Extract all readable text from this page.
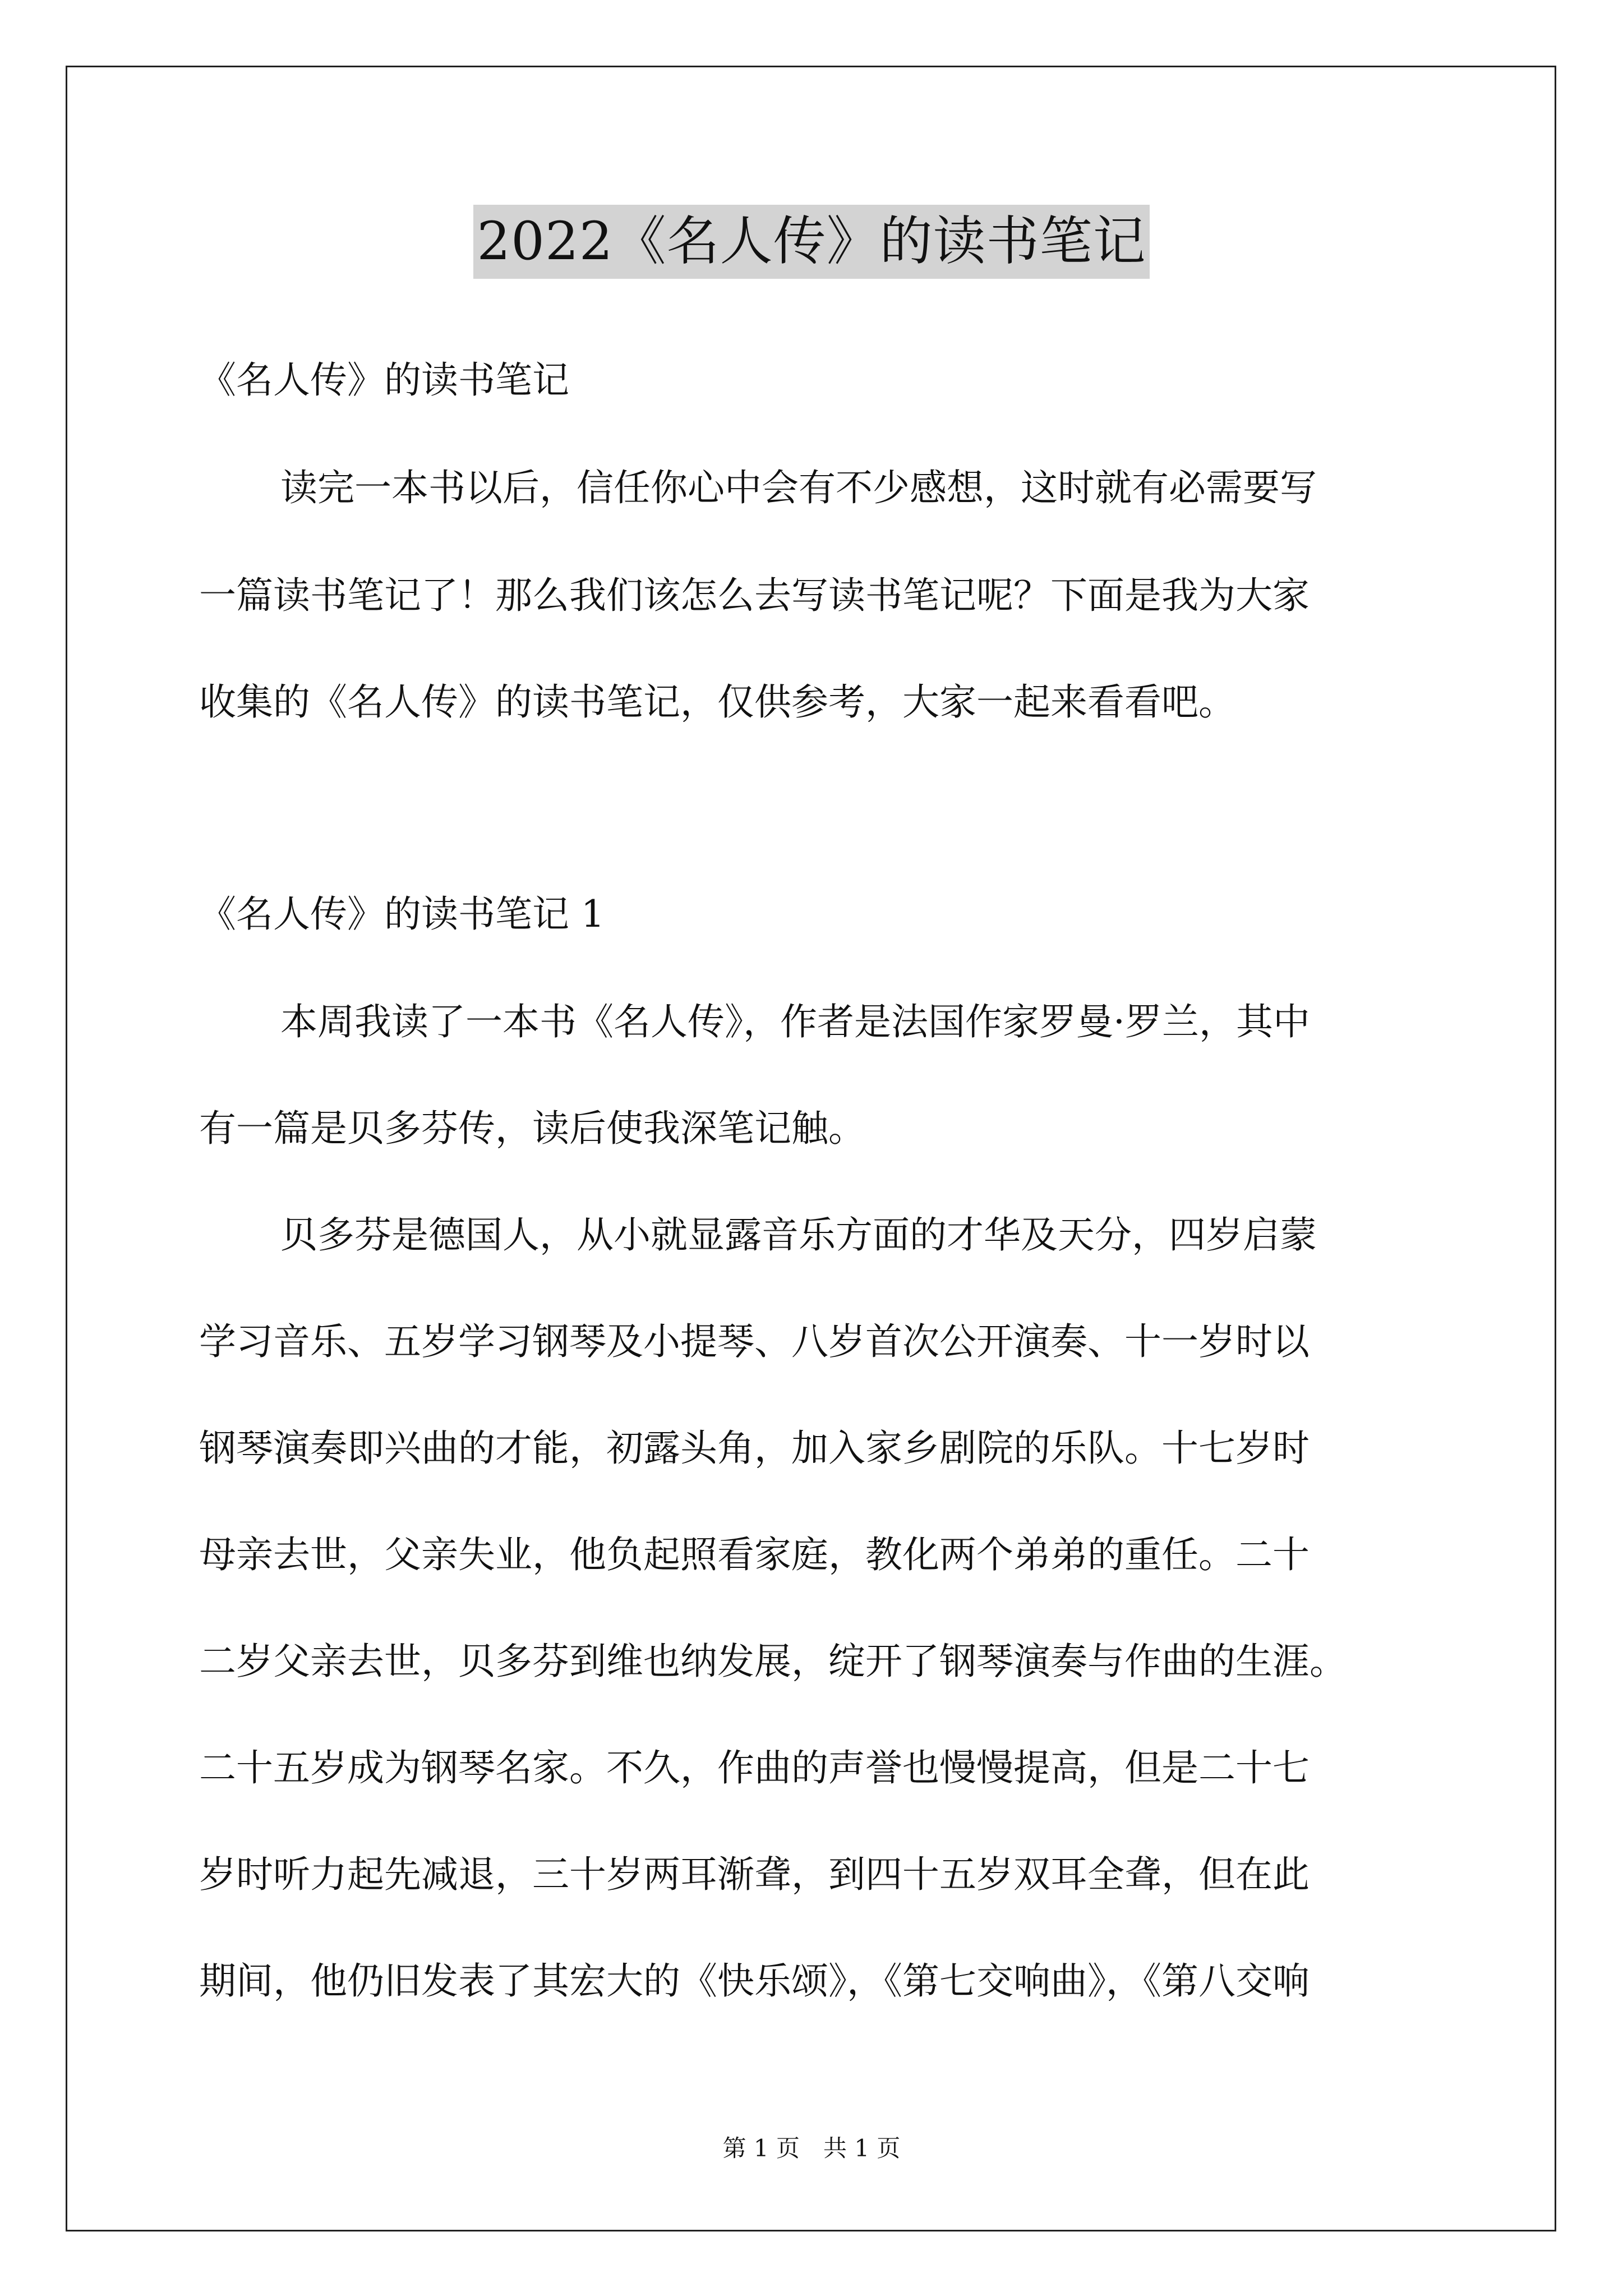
2022《名人传》的读书笔记
《名人传》的读书笔记
读完一本书以后，信任你心中会有不少感想，这时就有必需要写
一篇读书笔记了！那么我们该怎么去写读书笔记呢？下面是我为大家
收集的《名人传》的读书笔记，仅供参考，大家一起来看看吧。
《名人传》的读书笔记 1
本周我读了一本书《名人传》，作者是法国作家罗曼·罗兰，其中
有一篇是贝多芬传，读后使我深笔记触。
贝多芬是德国人，从小就显露音乐方面的才华及天分，四岁启蒙
学习音乐、五岁学习钢琴及小提琴、八岁首次公开演奏、十一岁时以
钢琴演奏即兴曲的才能，初露头角，加入家乡剧院的乐队。十七岁时
母亲去世，父亲失业，他负起照看家庭，教化两个弟弟的重任。二十
二岁父亲去世，贝多芬到维也纳发展，绽开了钢琴演奏与作曲的生涯。
二十五岁成为钢琴名家。不久，作曲的声誉也慢慢提高，但是二十七
岁时听力起先减退，三十岁两耳渐聋，到四十五岁双耳全聋，但在此
期间，他仍旧发表了其宏大的《快乐颂》，《第七交响曲》，《第八交响
第 1 页　共 1 页
